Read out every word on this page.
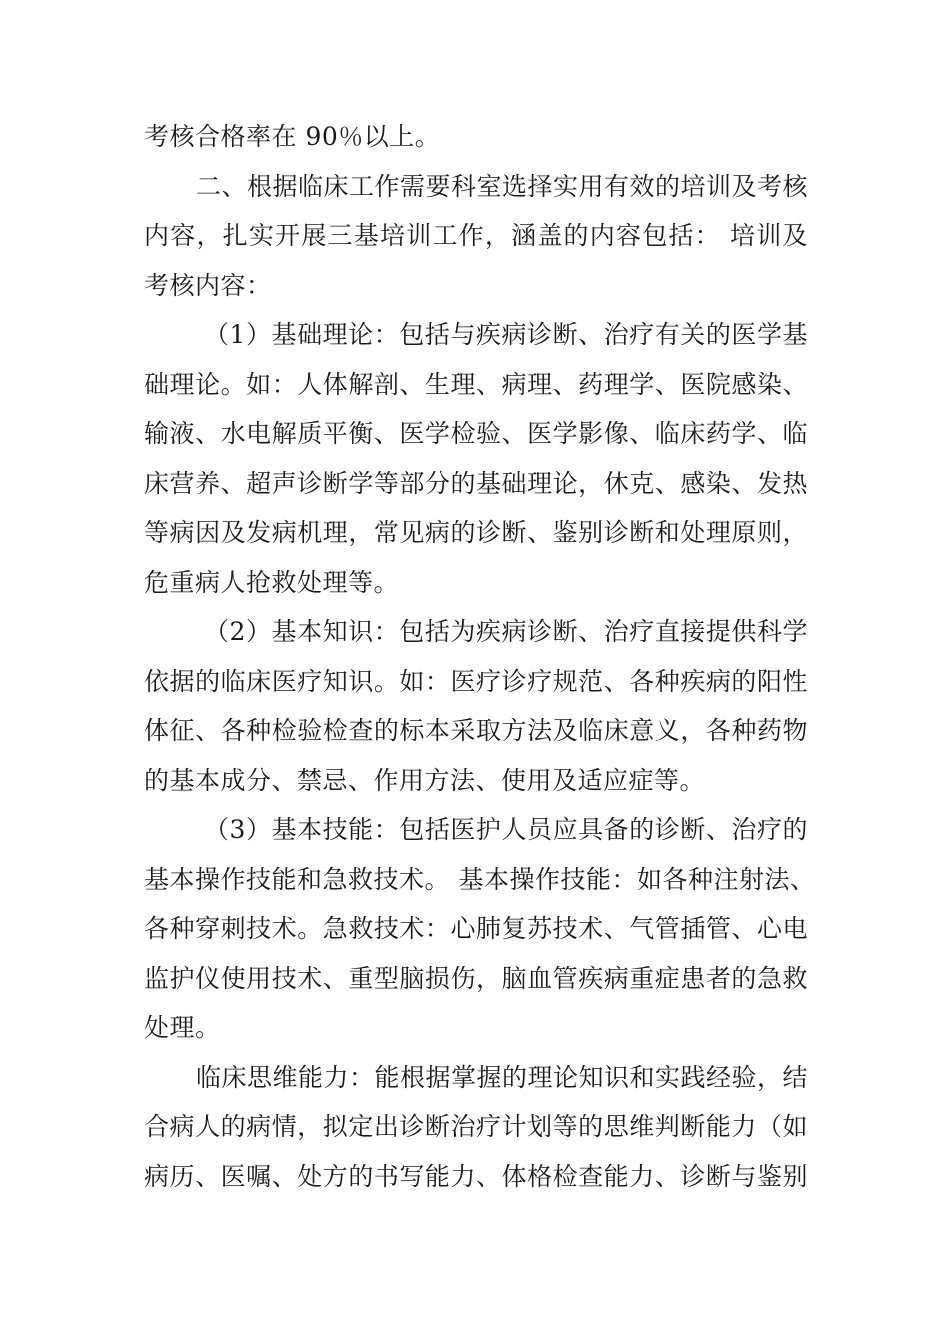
考核合格率在 90％以上。
二、根据临床工作需要科室选择实用有效的培训及考核
内容，扎实开展三基培训工作，涵盖的内容包括： 培训及
考核内容：
（1）基础理论：包括与疾病诊断、治疗有关的医学基
础理论。如：人体解剖、生理、病理、药理学、医院感染、
输液、水电解质平衡、医学检验、医学影像、临床药学、临
床营养、超声诊断学等部分的基础理论，休克、感染、发热
等病因及发病机理，常见病的诊断、鉴别诊断和处理原则，
危重病人抢救处理等。
（2）基本知识：包括为疾病诊断、治疗直接提供科学
依据的临床医疗知识。如：医疗诊疗规范、各种疾病的阳性
体征、各种检验检查的标本采取方法及临床意义，各种药物
的基本成分、禁忌、作用方法、使用及适应症等。
（3）基本技能：包括医护人员应具备的诊断、治疗的
基本操作技能和急救技术。 基本操作技能：如各种注射法、
各种穿刺技术。急救技术：心肺复苏技术、气管插管、心电
监护仪使用技术、重型脑损伤，脑血管疾病重症患者的急救
处理。
临床思维能力：能根据掌握的理论知识和实践经验，结
合病人的病情，拟定出诊断治疗计划等的思维判断能力（如
病历、医嘱、处方的书写能力、体格检查能力、诊断与鉴别
